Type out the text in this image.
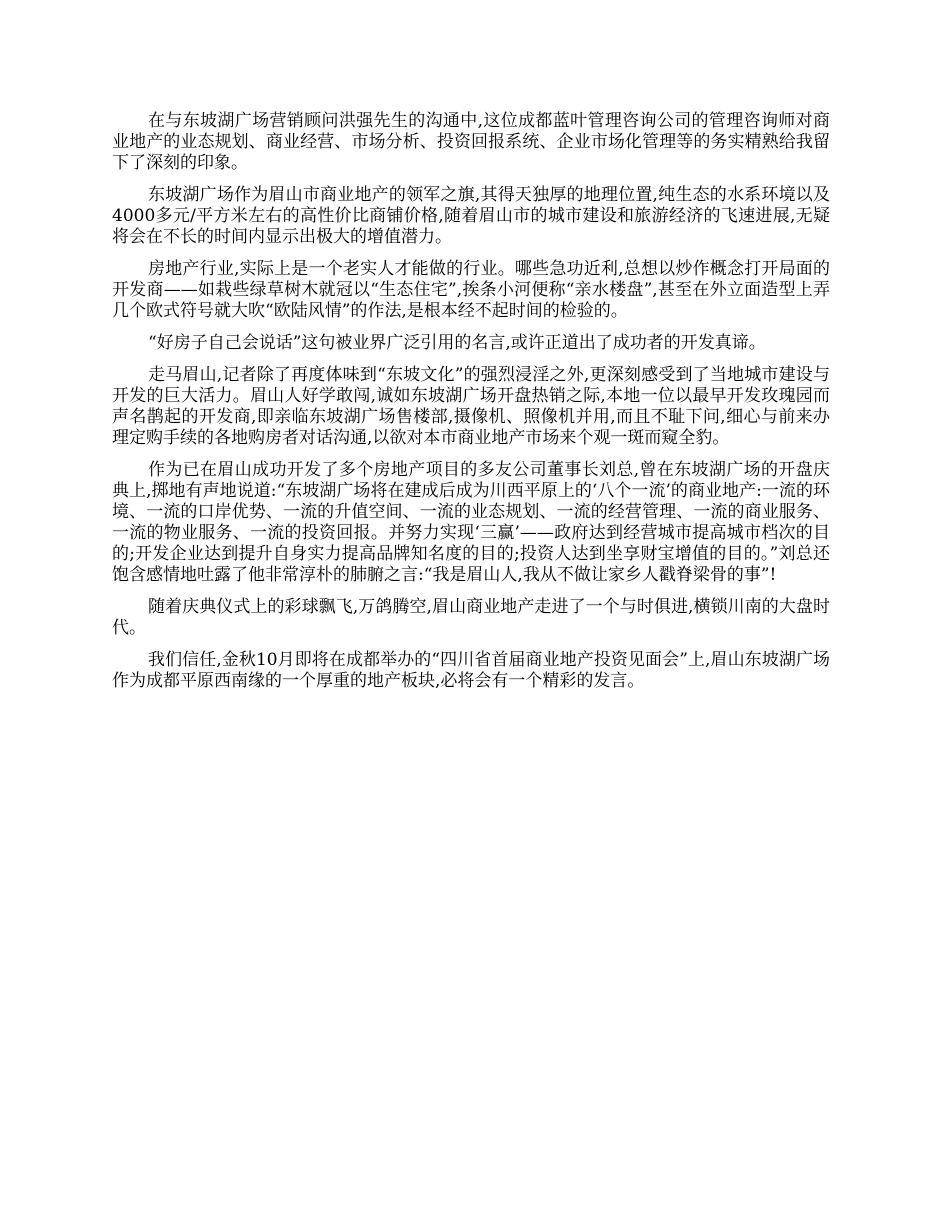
在与东坡湖广场营销顾问洪强先生的沟通中,这位成都蓝叶管理咨询公司的管理咨询师对商业地产的业态规划、商业经营、市场分析、投资回报系统、企业市场化管理等的务实精熟给我留下了深刻的印象。

东坡湖广场作为眉山市商业地产的领军之旗,其得天独厚的地理位置,纯生态的水系环境以及4000多元/平方米左右的高性价比商铺价格,随着眉山市的城市建设和旅游经济的飞速进展,无疑将会在不长的时间内显示出极大的增值潜力。

房地产行业,实际上是一个老实人才能做的行业。哪些急功近利,总想以炒作概念打开局面的开发商——如栽些绿草树木就冠以“生态住宅”,挨条小河便称“亲水楼盘”,甚至在外立面造型上弄几个欧式符号就大吹“欧陆风情”的作法,是根本经不起时间的检验的。

“好房子自己会说话”这句被业界广泛引用的名言,或许正道出了成功者的开发真谛。

走马眉山,记者除了再度体味到“东坡文化”的强烈浸淫之外,更深刻感受到了当地城市建设与开发的巨大活力。眉山人好学敢闯,诚如东坡湖广场开盘热销之际,本地一位以最早开发玫瑰园而声名鹊起的开发商,即亲临东坡湖广场售楼部,摄像机、照像机并用,而且不耻下问,细心与前来办理定购手续的各地购房者对话沟通,以欲对本市商业地产市场来个观一斑而窥全豹。

作为已在眉山成功开发了多个房地产项目的多友公司董事长刘总,曾在东坡湖广场的开盘庆典上,掷地有声地说道:“东坡湖广场将在建成后成为川西平原上的‘八个一流’的商业地产:一流的环境、一流的口岸优势、一流的升值空间、一流的业态规划、一流的经营管理、一流的商业服务、一流的物业服务、一流的投资回报。并努力实现‘三赢’——政府达到经营城市提高城市档次的目的;开发企业达到提升自身实力提高品牌知名度的目的;投资人达到坐享财宝增值的目的。”刘总还饱含感情地吐露了他非常淳朴的肺腑之言:“我是眉山人,我从不做让家乡人戳脊梁骨的事”!

随着庆典仪式上的彩球飘飞,万鸽腾空,眉山商业地产走进了一个与时俱进,横锁川南的大盘时代。

我们信任,金秋10月即将在成都举办的“四川省首届商业地产投资见面会”上,眉山东坡湖广场作为成都平原西南缘的一个厚重的地产板块,必将会有一个精彩的发言。
